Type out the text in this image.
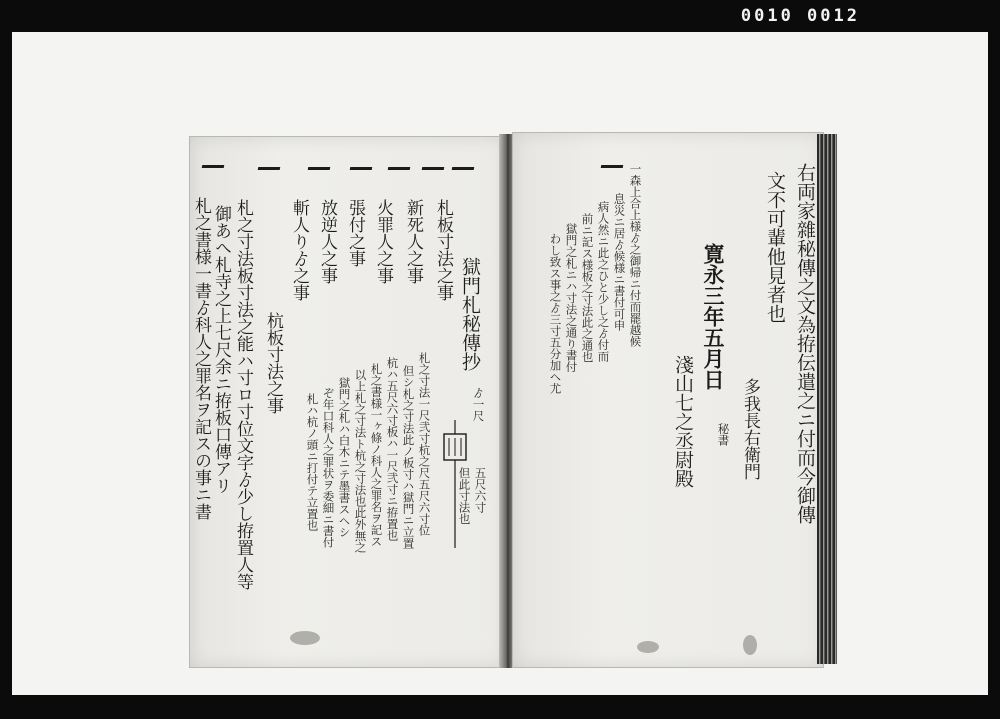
0010 0012
獄門札秘傳抄
札板寸法之事
新死人之事
火罪人之事
張付之事
放逆人之事
斬人りゟ之事
杭板寸法之事	札之寸法一尺弐寸杭之尺五尺六寸位
但シ札之寸法此ノ板寸ハ獄門ニ立置
杭ハ五尺六寸板ハ一尺弐寸ニ拵置也
札之書様一ヶ條ノ科人之罪名ヲ記ス
以上札之寸法ト杭之寸法也此外無之
獄門之札ハ白木ニテ墨書スヘシ
ぞ年口科人之罪状ヲ委細ニ書付
札ハ杭ノ頭ニ打付テ立置也	ゟ一尺
五尺六寸
但此寸法也
札之寸法板寸法之能ハ寸ロ寸位文字ゟ少し拵置人等
御あへ札寺之上七尺余ニ拵板口傳アリ
札之書様一書ゟ科人之罪名ヲ記スの事ニ書	右両家雜秘傳之文為拵伝遣之ニ付而今御傳
文不可輩他見者也
寛永三年五月日
多我長右衛門
秘書
淺山七之丞尉殿
一森上合上様ゟ之御帰ニ付而罷越候
息災ニ居ゟ候様ニ書付可申
病人然ニ此之ひと少し之ゟ付而
前ニ記ス様板之寸法此之通也
獄門之札ニハ寸法之通り書付
わし致ス事之ゟ三寸五分加へ尤
